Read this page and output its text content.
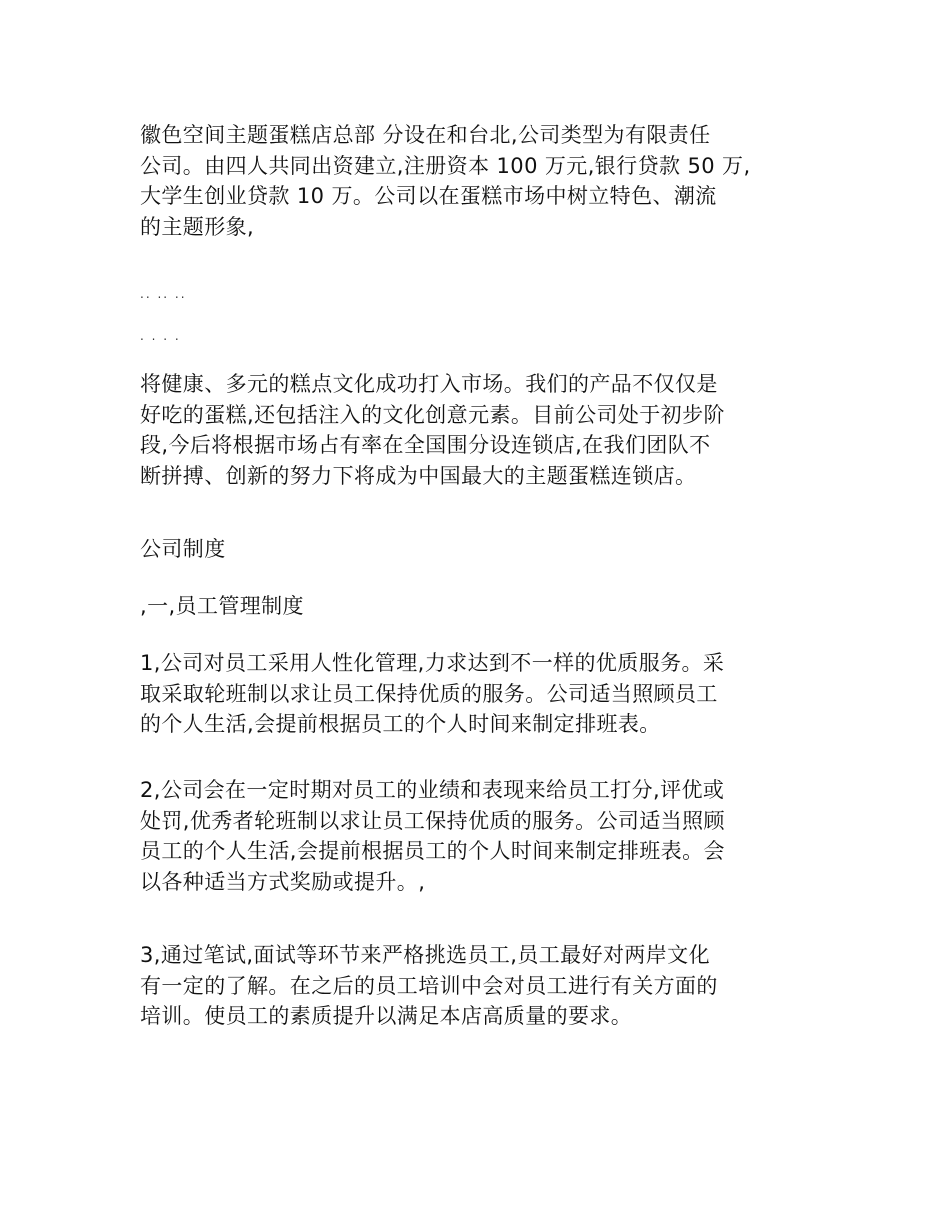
徽色空间主题蛋糕店总部 分设在和台北,公司类型为有限责任
公司。由四人共同出资建立,注册资本 100 万元,银行贷款 50 万,
大学生创业贷款 10 万。公司以在蛋糕市场中树立特色、潮流
的主题形象,
.. .. ..
. . . .
将健康、多元的糕点文化成功打入市场。我们的产品不仅仅是
好吃的蛋糕,还包括注入的文化创意元素。目前公司处于初步阶
段,今后将根据市场占有率在全国围分设连锁店,在我们团队不
断拼搏、创新的努力下将成为中国最大的主题蛋糕连锁店。
公司制度
,一,员工管理制度
1,公司对员工采用人性化管理,力求达到不一样的优质服务。采
取采取轮班制以求让员工保持优质的服务。公司适当照顾员工
的个人生活,会提前根据员工的个人时间来制定排班表。
2,公司会在一定时期对员工的业绩和表现来给员工打分,评优或
处罚,优秀者轮班制以求让员工保持优质的服务。公司适当照顾
员工的个人生活,会提前根据员工的个人时间来制定排班表。会
以各种适当方式奖励或提升。,
3,通过笔试,面试等环节来严格挑选员工,员工最好对两岸文化
有一定的了解。在之后的员工培训中会对员工进行有关方面的
培训。使员工的素质提升以满足本店高质量的要求。
